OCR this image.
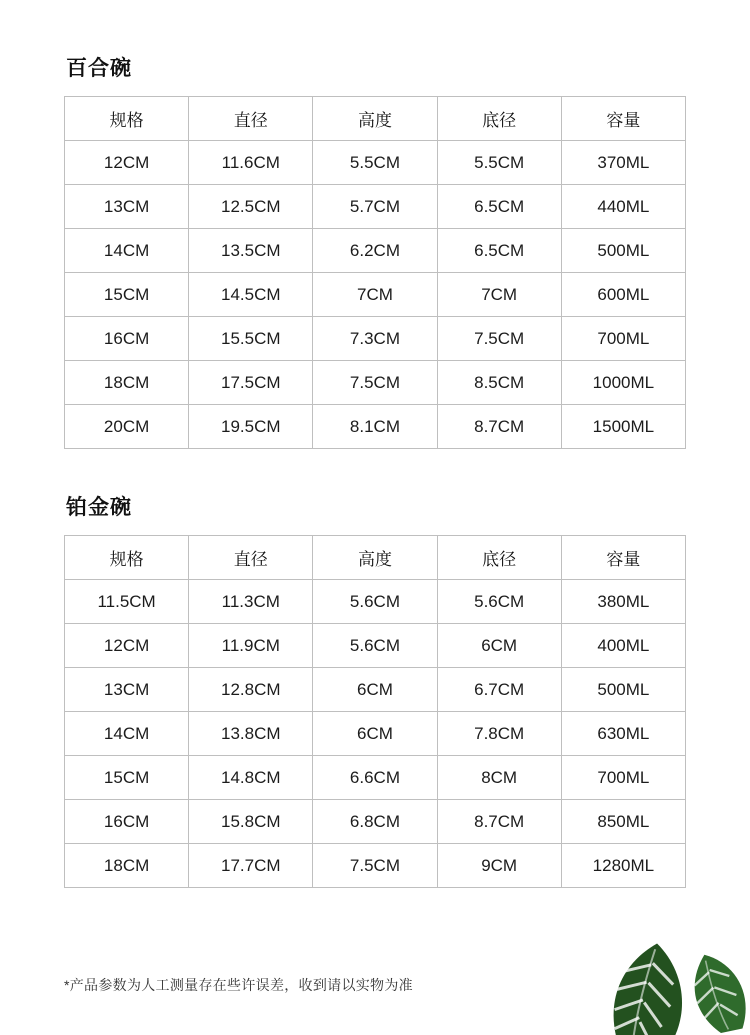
百合碗
规格	直径	高度	底径	容量
12CM	11.6CM	5.5CM	5.5CM	370ML
13CM	12.5CM	5.7CM	6.5CM	440ML
14CM	13.5CM	6.2CM	6.5CM	500ML
15CM	14.5CM	7CM	7CM	600ML
16CM	15.5CM	7.3CM	7.5CM	700ML
18CM	17.5CM	7.5CM	8.5CM	1000ML
20CM	19.5CM	8.1CM	8.7CM	1500ML
铂金碗
规格	直径	高度	底径	容量
11.5CM	11.3CM	5.6CM	5.6CM	380ML
12CM	11.9CM	5.6CM	6CM	400ML
13CM	12.8CM	6CM	6.7CM	500ML
14CM	13.8CM	6CM	7.8CM	630ML
15CM	14.8CM	6.6CM	8CM	700ML
16CM	15.8CM	6.8CM	8.7CM	850ML
18CM	17.7CM	7.5CM	9CM	1280ML
*产品参数为人工测量存在些许误差，收到请以实物为准
